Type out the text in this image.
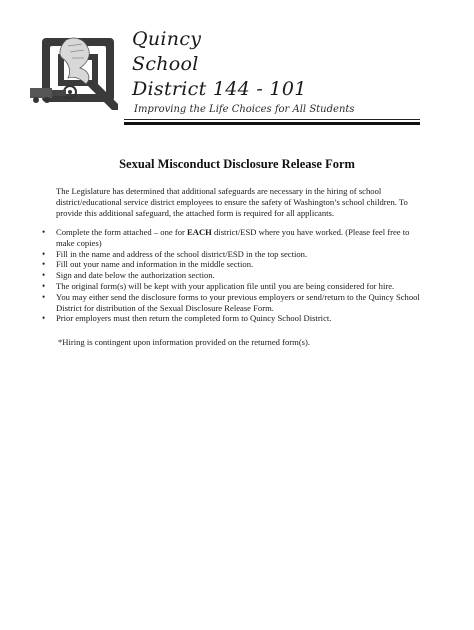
Quincy
School
District 144 - 101
Improving the Life Choices for All Students
Sexual Misconduct Disclosure Release Form
The Legislature has determined that additional safeguards are necessary in the hiring of school district/educational service district employees to ensure the safety of Washington’s school children. To provide this additional safeguard, the attached form is required for all applicants.
• Complete the form attached – one for EACH district/ESD where you have worked. (Please feel free to make copies)
• Fill in the name and address of the school district/ESD in the top section.
• Fill out your name and information in the middle section.
• Sign and date below the authorization section.
• The original form(s) will be kept with your application file until you are being considered for hire.
• You may either send the disclosure forms to your previous employers or send/return to the Quincy School District for distribution of the Sexual Disclosure Release Form.
• Prior employers must then return the completed form to Quincy School District.
*Hiring is contingent upon information provided on the returned form(s).
